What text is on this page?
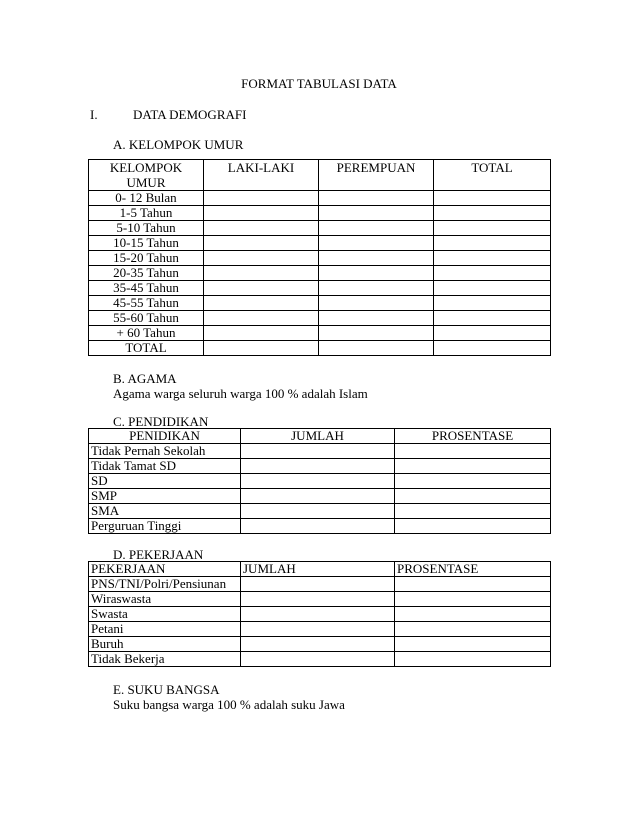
FORMAT TABULASI DATA
I.	DATA DEMOGRAFI
A. KELOMPOK UMUR
KELOMPOK
UMUR	LAKI-LAKI	PEREMPUAN	TOTAL
0- 12 Bulan			
1-5 Tahun			
5-10 Tahun			
10-15 Tahun			
15-20 Tahun			
20-35 Tahun			
35-45 Tahun			
45-55 Tahun			
55-60 Tahun			
+ 60 Tahun			
TOTAL			
B. AGAMA
Agama warga seluruh warga 100 % adalah Islam
C. PENDIDIKAN
PENIDIKAN	JUMLAH	PROSENTASE
Tidak Pernah Sekolah		
Tidak Tamat SD		
SD		
SMP		
SMA		
Perguruan Tinggi		
D. PEKERJAAN
PEKERJAAN	JUMLAH	PROSENTASE
PNS/TNI/Polri/Pensiunan		
Wiraswasta		
Swasta		
Petani		
Buruh		
Tidak Bekerja		
E. SUKU BANGSA
Suku bangsa warga 100 % adalah suku Jawa
